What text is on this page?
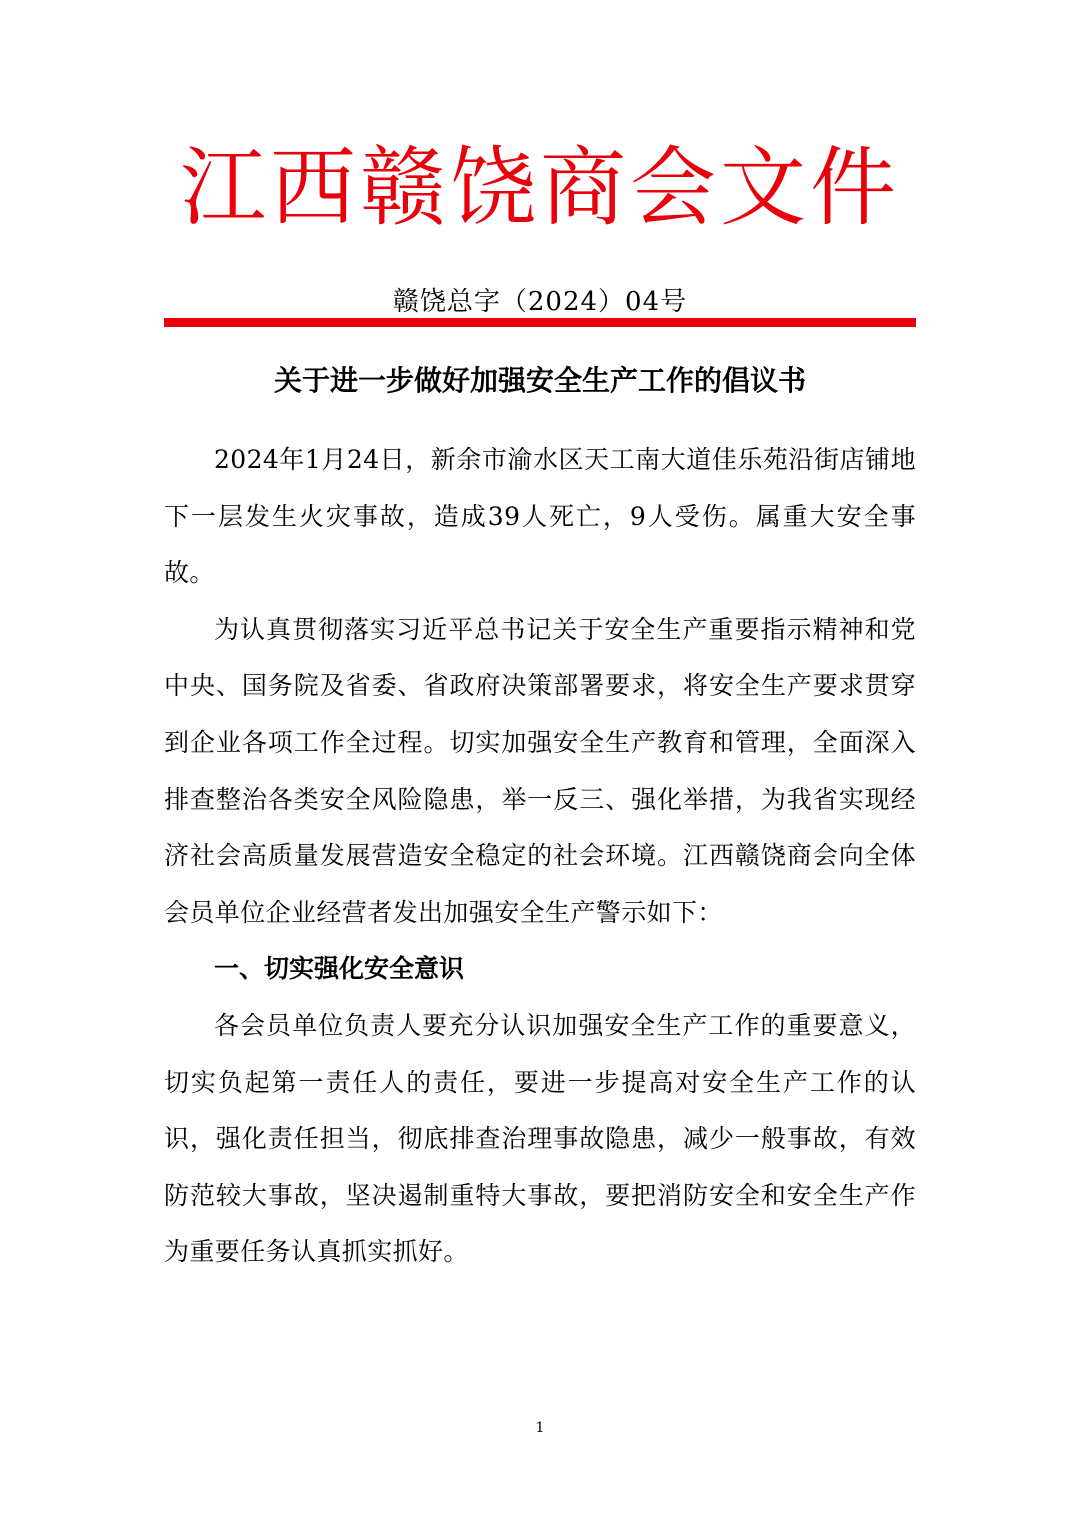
江西赣饶商会文件
赣饶总字（2024）04号
关于进一步做好加强安全生产工作的倡议书

2024年1月24日，新余市渝水区天工南大道佳乐苑沿街店铺地下一层发生火灾事故，造成39人死亡，9人受伤。属重大安全事故。

为认真贯彻落实习近平总书记关于安全生产重要指示精神和党中央、国务院及省委、省政府决策部署要求，将安全生产要求贯穿到企业各项工作全过程。切实加强安全生产教育和管理，全面深入排查整治各类安全风险隐患，举一反三、强化举措，为我省实现经济社会高质量发展营造安全稳定的社会环境。江西赣饶商会向全体会员单位企业经营者发出加强安全生产警示如下：

一、切实强化安全意识

各会员单位负责人要充分认识加强安全生产工作的重要意义，切实负起第一责任人的责任，要进一步提高对安全生产工作的认识，强化责任担当，彻底排查治理事故隐患，减少一般事故，有效防范较大事故，坚决遏制重特大事故，要把消防安全和安全生产作为重要任务认真抓实抓好。

1
